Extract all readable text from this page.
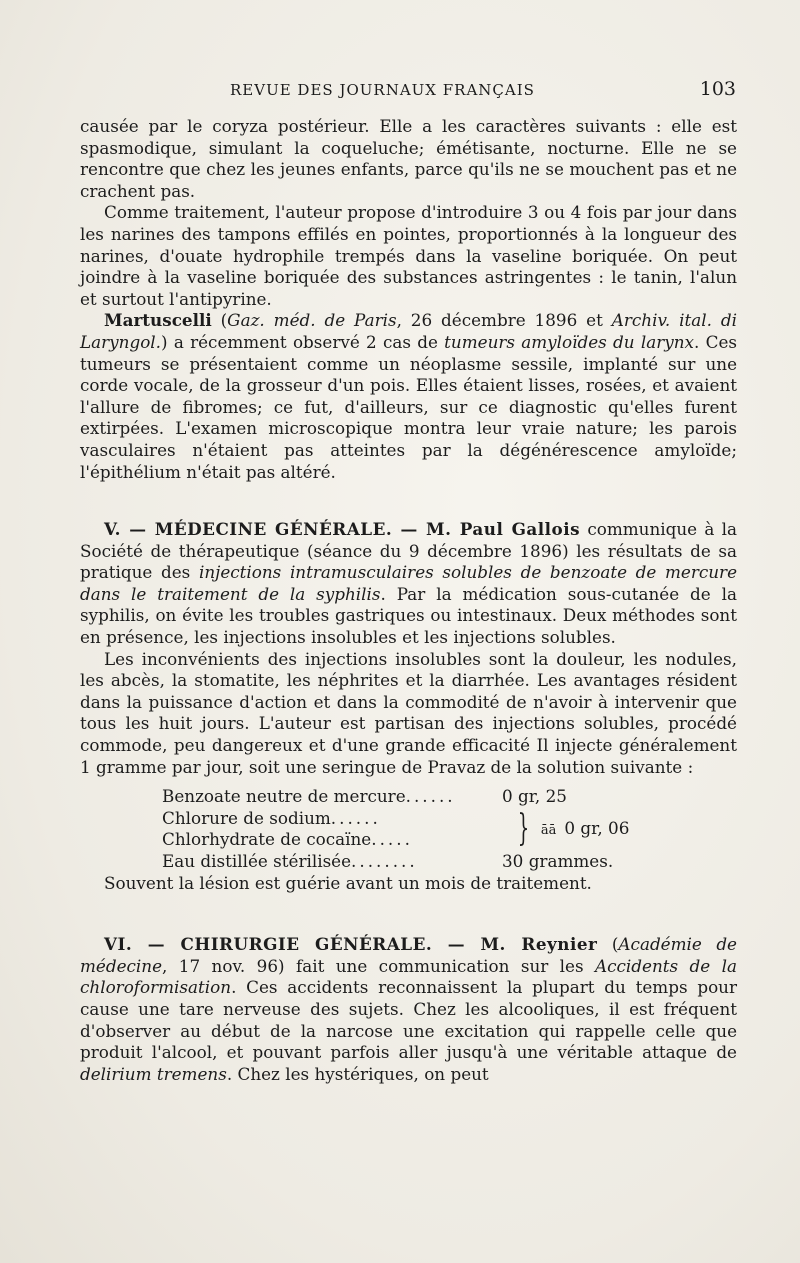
REVUE DES JOURNAUX FRANÇAIS	103

causée par le coryza postérieur. Elle a les caractères suivants : elle est spasmodique, simulant la coqueluche; émétisante, nocturne. Elle ne se rencontre que chez les jeunes enfants, parce qu'ils ne se mouchent pas et ne crachent pas.

Comme traitement, l'auteur propose d'introduire 3 ou 4 fois par jour dans les narines des tampons effilés en pointes, proportionnés à la longueur des narines, d'ouate hydrophile trempés dans la vaseline boriquée. On peut joindre à la vaseline boriquée des substances astringentes : le tanin, l'alun et surtout l'antipyrine.

Martuscelli (Gaz. méd. de Paris, 26 décembre 1896 et Archiv. ital. di Laryngol.) a récemment observé 2 cas de tumeurs amyloïdes du larynx. Ces tumeurs se présentaient comme un néoplasme sessile, implanté sur une corde vocale, de la grosseur d'un pois. Elles étaient lisses, rosées, et avaient l'allure de fibromes; ce fut, d'ailleurs, sur ce diagnostic qu'elles furent extirpées. L'examen microscopique montra leur vraie nature; les parois vasculaires n'étaient pas atteintes par la dégénérescence amyloïde; l'épithélium n'était pas altéré.

V. — MÉDECINE GÉNÉRALE. — M. Paul Gallois communique à la Société de thérapeutique (séance du 9 décembre 1896) les résultats de sa pratique des injections intramusculaires solubles de benzoate de mercure dans le traitement de la syphilis. Par la médication sous-cutanée de la syphilis, on évite les troubles gastriques ou intestinaux. Deux méthodes sont en présence, les injections insolubles et les injections solubles.

Les inconvénients des injections insolubles sont la douleur, les nodules, les abcès, la stomatite, les néphrites et la diarrhée. Les avantages résident dans la puissance d'action et dans la commodité de n'avoir à intervenir que tous les huit jours. L'auteur est partisan des injections solubles, procédé commode, peu dangereux et d'une grande efficacité Il injecte généralement 1 gramme par jour, soit une seringue de Pravaz de la solution suivante :

Benzoate neutre de mercure......	0 gr, 25
Chlorure de sodium......
Chlorhydrate de cocaïne.....	} āā 0 gr, 06
Eau distillée stérilisée........	30 grammes.

Souvent la lésion est guérie avant un mois de traitement.

VI. — CHIRURGIE GÉNÉRALE. — M. Reynier (Académie de médecine, 17 nov. 96) fait une communication sur les Accidents de la chloroformisation. Ces accidents reconnaissent la plupart du temps pour cause une tare nerveuse des sujets. Chez les alcooliques, il est fréquent d'observer au début de la narcose une excitation qui rappelle celle que produit l'alcool, et pouvant parfois aller jusqu'à une véritable attaque de delirium tremens. Chez les hystériques, on peut
